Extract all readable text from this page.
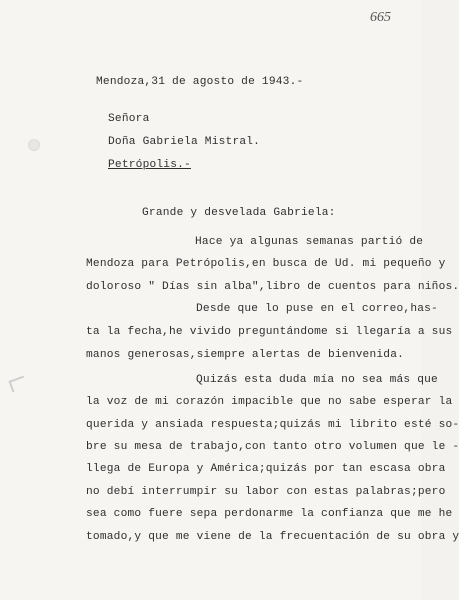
665
Mendoza,31 de agosto de 1943.-
Señora
Doña Gabriela Mistral.
Petrópolis.-
Grande y desvelada Gabriela:
Hace ya algunas semanas partió de
Mendoza para Petrópolis,en busca de Ud. mi pequeño y
doloroso " Días sin alba",libro de cuentos para niños.
Desde que lo puse en el correo,has-
ta la fecha,he vivido preguntándome si llegaría a sus
manos generosas,siempre alertas de bienvenida.
Quizás esta duda mía no sea más que
la voz de mi corazón impacible que no sabe esperar la
querida y ansiada respuesta;quizás mi librito esté so-
bre su mesa de trabajo,con tanto otro volumen que le -
llega de Europa y América;quizás por tan escasa obra
no debí interrumpir su labor con estas palabras;pero
sea como fuere sepa perdonarme la confianza que me he
tomado,y que me viene de la frecuentación de su obra y
